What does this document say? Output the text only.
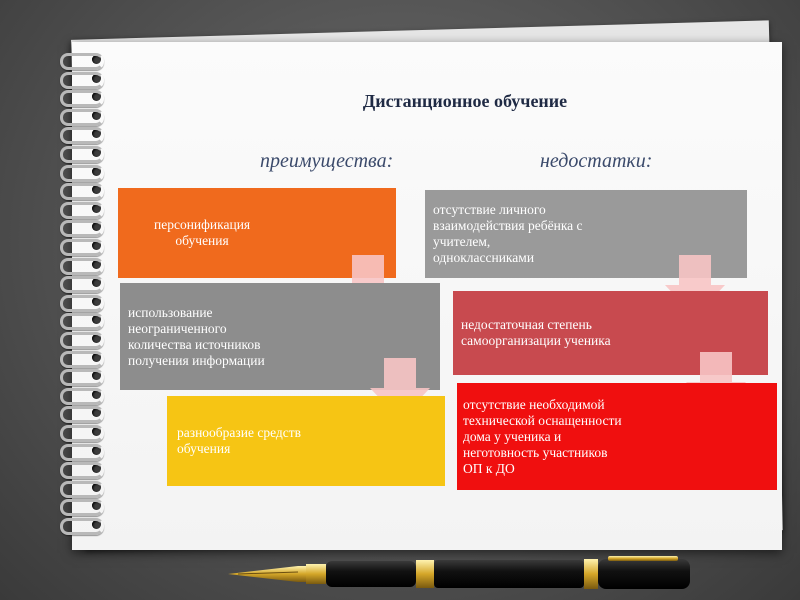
Дистанционное обучение
преимущества:	недостатки:
персонификация
обучения
использование
неограниченного
количества источников
получения информации
разнообразие средств
обучения
отсутствие личного
взаимодействия ребёнка с
учителем,
одноклассниками
недостаточная степень
самоорганизации ученика
отсутствие необходимой
технической оснащенности
дома у ученика и
неготовность участников
ОП к ДО
